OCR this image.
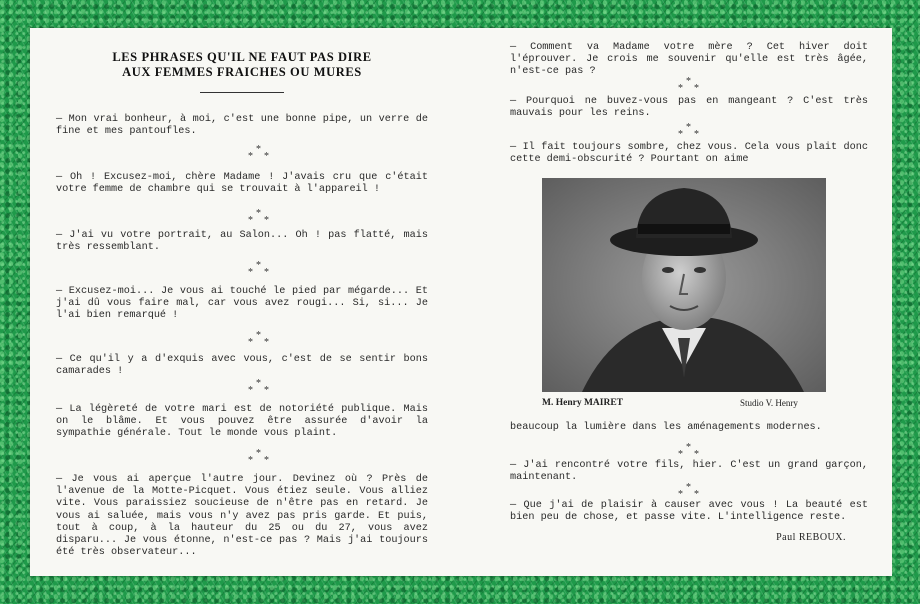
LES PHRASES QU'IL NE FAUT PAS DIRE
AUX FEMMES FRAICHES OU MURES

— Mon vrai bonheur, à moi, c'est une bonne pipe, un verre de fine et mes pantoufles.

*
* *

— Oh ! Excusez-moi, chère Madame ! J'avais cru que c'était votre femme de chambre qui se trouvait à l'appareil !

*
* *

— J'ai vu votre portrait, au Salon... Oh ! pas flatté, mais très ressemblant.

*
* *

— Excusez-moi... Je vous ai touché le pied par mégarde... Et j'ai dû vous faire mal, car vous avez rougi... Si, si... Je l'ai bien remarqué !

*
* *

— Ce qu'il y a d'exquis avec vous, c'est de se sentir bons camarades !

*
* *

— La légèreté de votre mari est de notoriété publique. Mais on le blâme. Et vous pouvez être assurée d'avoir la sympathie générale. Tout le monde vous plaint.

*
* *

— Je vous ai aperçue l'autre jour. Devinez où ? Près de l'avenue de la Motte-Picquet. Vous étiez seule. Vous alliez vite. Vous paraissiez soucieuse de n'être pas en retard. Je vous ai saluée, mais vous n'y avez pas pris garde. Et puis, tout à coup, à la hauteur du 25 ou du 27, vous avez disparu... Je vous étonne, n'est-ce pas ? Mais j'ai toujours été très observateur...

— Comment va Madame votre mère ? Cet hiver doit l'éprouver. Je crois me souvenir qu'elle est très âgée, n'est-ce pas ?

*
* *

— Pourquoi ne buvez-vous pas en mangeant ? C'est très mauvais pour les reins.

*
* *

— Il fait toujours sombre, chez vous. Cela vous plait donc cette demi-obscurité ? Pourtant on aime

M. Henry MAIRET	Studio V. Henry

beaucoup la lumière dans les aménagements modernes.

*
* *

— J'ai rencontré votre fils, hier. C'est un grand garçon, maintenant.

*
* *

— Que j'ai de plaisir à causer avec vous ! La beauté est bien peu de chose, et passe vite. L'intelligence reste.

Paul REBOUX.
